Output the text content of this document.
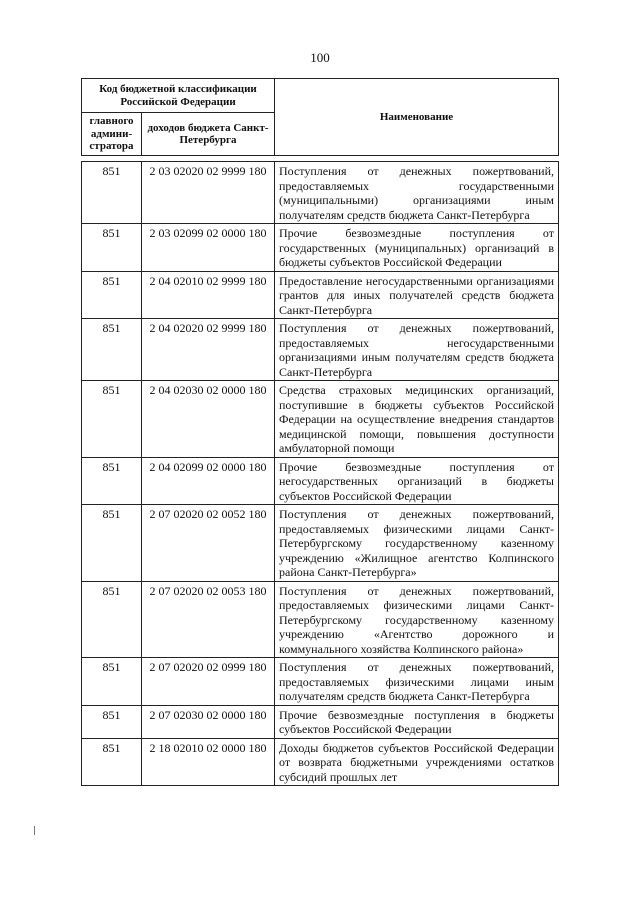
100
Код бюджетной классификации Российской Федерации		Наименование
главного админи-стратора	доходов бюджета Санкт-Петербурга	
851	2 03 02020 02 9999 180	Поступления от денежных пожертвований, предоставляемых государственными (муниципальными) организациями иным получателям средств бюджета Санкт-Петербурга
851	2 03 02099 02 0000 180	Прочие безвозмездные поступления от государственных (муниципальных) организаций в бюджеты субъектов Российской Федерации
851	2 04 02010 02 9999 180	Предоставление негосударственными организациями грантов для иных получателей средств бюджета Санкт-Петербурга
851	2 04 02020 02 9999 180	Поступления от денежных пожертвований, предоставляемых негосударственными организациями иным получателям средств бюджета Санкт-Петербурга
851	2 04 02030 02 0000 180	Средства страховых медицинских организаций, поступившие в бюджеты субъектов Российской Федерации на осуществление внедрения стандартов медицинской помощи, повышения доступности амбулаторной помощи
851	2 04 02099 02 0000 180	Прочие безвозмездные поступления от негосударственных организаций в бюджеты субъектов Российской Федерации
851	2 07 02020 02 0052 180	Поступления от денежных пожертвований, предоставляемых физическими лицами Санкт-Петербургскому государственному казенному учреждению «Жилищное агентство Колпинского района Санкт-Петербурга»
851	2 07 02020 02 0053 180	Поступления от денежных пожертвований, предоставляемых физическими лицами Санкт-Петербургскому государственному казенному учреждению «Агентство дорожного и коммунального хозяйства Колпинского района»
851	2 07 02020 02 0999 180	Поступления от денежных пожертвований, предоставляемых физическими лицами иным получателям средств бюджета Санкт-Петербурга
851	2 07 02030 02 0000 180	Прочие безвозмездные поступления в бюджеты субъектов Российской Федерации
851	2 18 02010 02 0000 180	Доходы бюджетов субъектов Российской Федерации от возврата бюджетными учреждениями остатков субсидий прошлых лет
